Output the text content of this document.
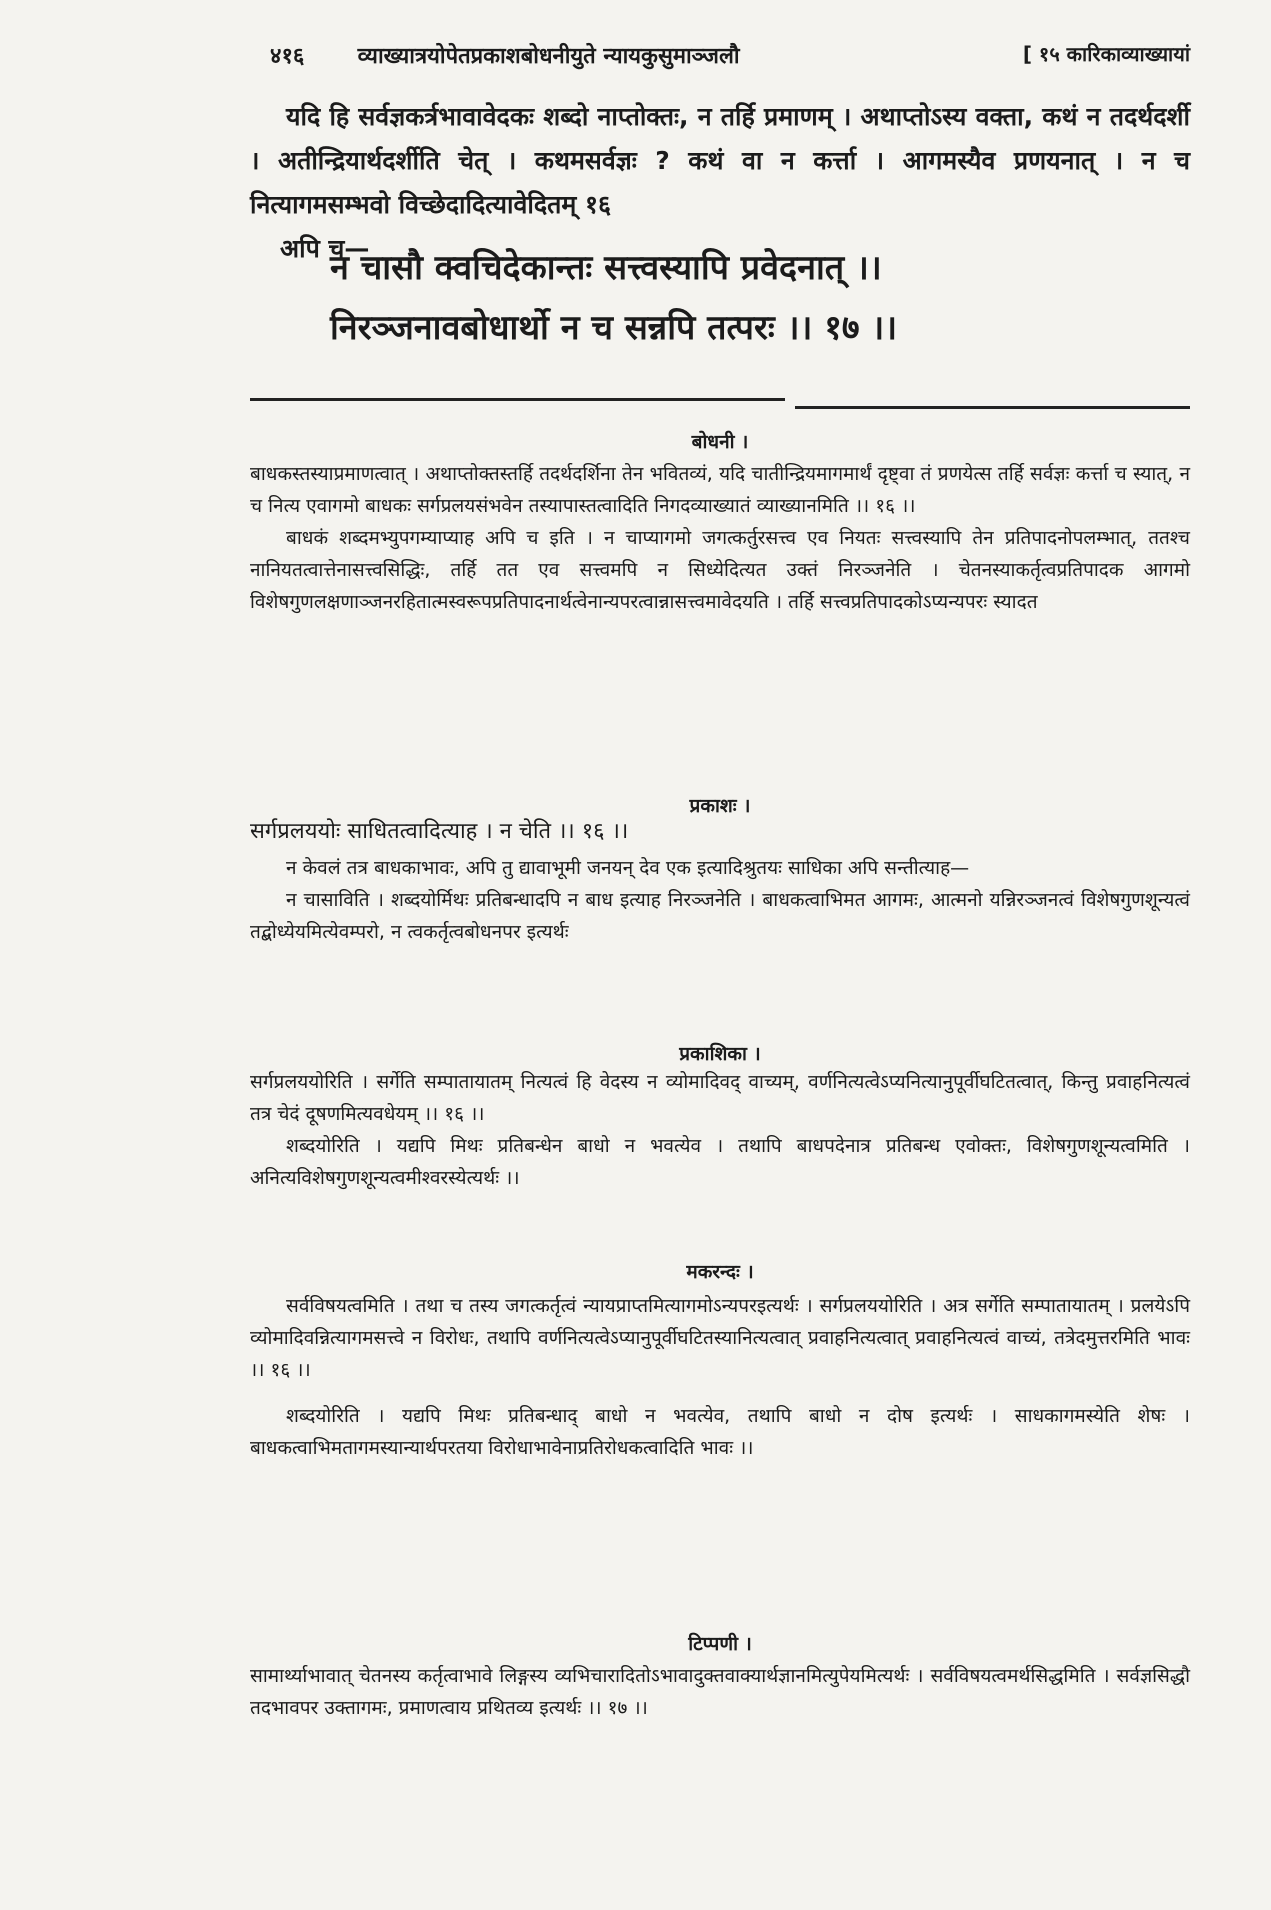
४१६ व्याख्यात्रयोपेतप्रकाशबोधनीयुते न्यायकुसुमाञ्जलौ	[ १५ कारिकाव्याख्यायां

यदि हि सर्वज्ञकर्त्रभावावेदकः शब्दो नाप्तोक्तः, न तर्हि प्रमाणम् । अथाप्तोऽस्य वक्ता, कथं न तदर्थदर्शी । अतीन्द्रियार्थदर्शीति चेत् । कथमसर्वज्ञः ? कथं वा न कर्त्ता । आगमस्यैव प्रणयनात् । न च नित्यागमसम्भवो विच्छेदादित्यावेदितम् १६

अपि च—

न चासौ क्वचिदेकान्तः सत्त्वस्यापि प्रवेदनात् ।।
निरञ्जनावबोधार्थो न च सन्नपि तत्परः ।। १७ ।।
बोधनी ।

बाधकस्तस्याप्रमाणत्वात् । अथाप्तोक्तस्तर्हि तदर्थदर्शिना तेन भवितव्यं, यदि चातीन्द्रियमागमार्थं दृष्ट्वा तं प्रणयेत्स तर्हि सर्वज्ञः कर्त्ता च स्यात्, न च नित्य एवागमो बाधकः सर्गप्रलयसंभवेन तस्यापास्तत्वादिति निगदव्याख्यातं व्याख्यानमिति ।। १६ ।।

बाधकं शब्दमभ्युपगम्याप्याह अपि च इति । न चाप्यागमो जगत्कर्तुरसत्त्व एव नियतः सत्त्वस्यापि तेन प्रतिपादनोपलम्भात्, ततश्च नानियतत्वात्तेनासत्त्वसिद्धिः, तर्हि तत एव सत्त्वमपि न सिध्येदित्यत उक्तं निरञ्जनेति । चेतनस्याकर्तृत्वप्रतिपादक आगमो विशेषगुणलक्षणाञ्जनरहितात्मस्वरूपप्रतिपादनार्थत्वेनान्यपरत्वान्नासत्त्वमावेदयति । तर्हि सत्त्वप्रतिपादकोऽप्यन्यपरः स्यादत

प्रकाशः ।

सर्गप्रलययोः साधितत्वादित्याह । न चेति ।। १६ ।।

न केवलं तत्र बाधकाभावः, अपि तु द्यावाभूमी जनयन् देव एक इत्यादिश्रुतयः साधिका अपि सन्तीत्याह—

न चासाविति । शब्दयोर्मिथः प्रतिबन्धादपि न बाध इत्याह निरञ्जनेति । बाधकत्वाभिमत आगमः, आत्मनो यन्निरञ्जनत्वं विशेषगुणशून्यत्वं तद्बोध्येयमित्येवम्परो, न त्वकर्तृत्वबोधनपर इत्यर्थः

प्रकाशिका ।

सर्गप्रलययोरिति । सर्गेति सम्पातायातम् नित्यत्वं हि वेदस्य न व्योमादिवद् वाच्यम्, वर्णनित्यत्वेऽप्यनित्यानुपूर्वीघटितत्वात्, किन्तु प्रवाहनित्यत्वं तत्र चेदं दूषणमित्यवधेयम् ।। १६ ।।

शब्दयोरिति । यद्यपि मिथः प्रतिबन्धेन बाधो न भवत्येव । तथापि बाधपदेनात्र प्रतिबन्ध एवोक्तः, विशेषगुणशून्यत्वमिति । अनित्यविशेषगुणशून्यत्वमीश्वरस्येत्यर्थः ।।

मकरन्दः ।

सर्वविषयत्वमिति । तथा च तस्य जगत्कर्तृत्वं न्यायप्राप्तमित्यागमोऽन्यपरइत्यर्थः । सर्गप्रलययोरिति । अत्र सर्गेति सम्पातायातम् । प्रलयेऽपि व्योमादिवन्नित्यागमसत्त्वे न विरोधः, तथापि वर्णनित्यत्वेऽप्यानुपूर्वीघटितस्यानित्यत्वात् प्रवाहनित्यत्वात् प्रवाहनित्यत्वं वाच्यं, तत्रेदमुत्तरमिति भावः ।। १६ ।।

शब्दयोरिति । यद्यपि मिथः प्रतिबन्धाद् बाधो न भवत्येव, तथापि बाधो न दोष इत्यर्थः । साधकागमस्येति शेषः । बाधकत्वाभिमतागमस्यान्यार्थपरतया विरोधाभावेनाप्रतिरोधकत्वादिति भावः ।।

टिप्पणी ।

सामार्थ्याभावात् चेतनस्य कर्तृत्वाभावे लिङ्गस्य व्यभिचारादितोऽभावादुक्तवाक्यार्थज्ञानमित्युपेयमित्यर्थः । सर्वविषयत्वमर्थसिद्धमिति । सर्वज्ञसिद्धौ तदभावपर उक्तागमः, प्रमाणत्वाय प्रथितव्य इत्यर्थः ।। १७ ।।
